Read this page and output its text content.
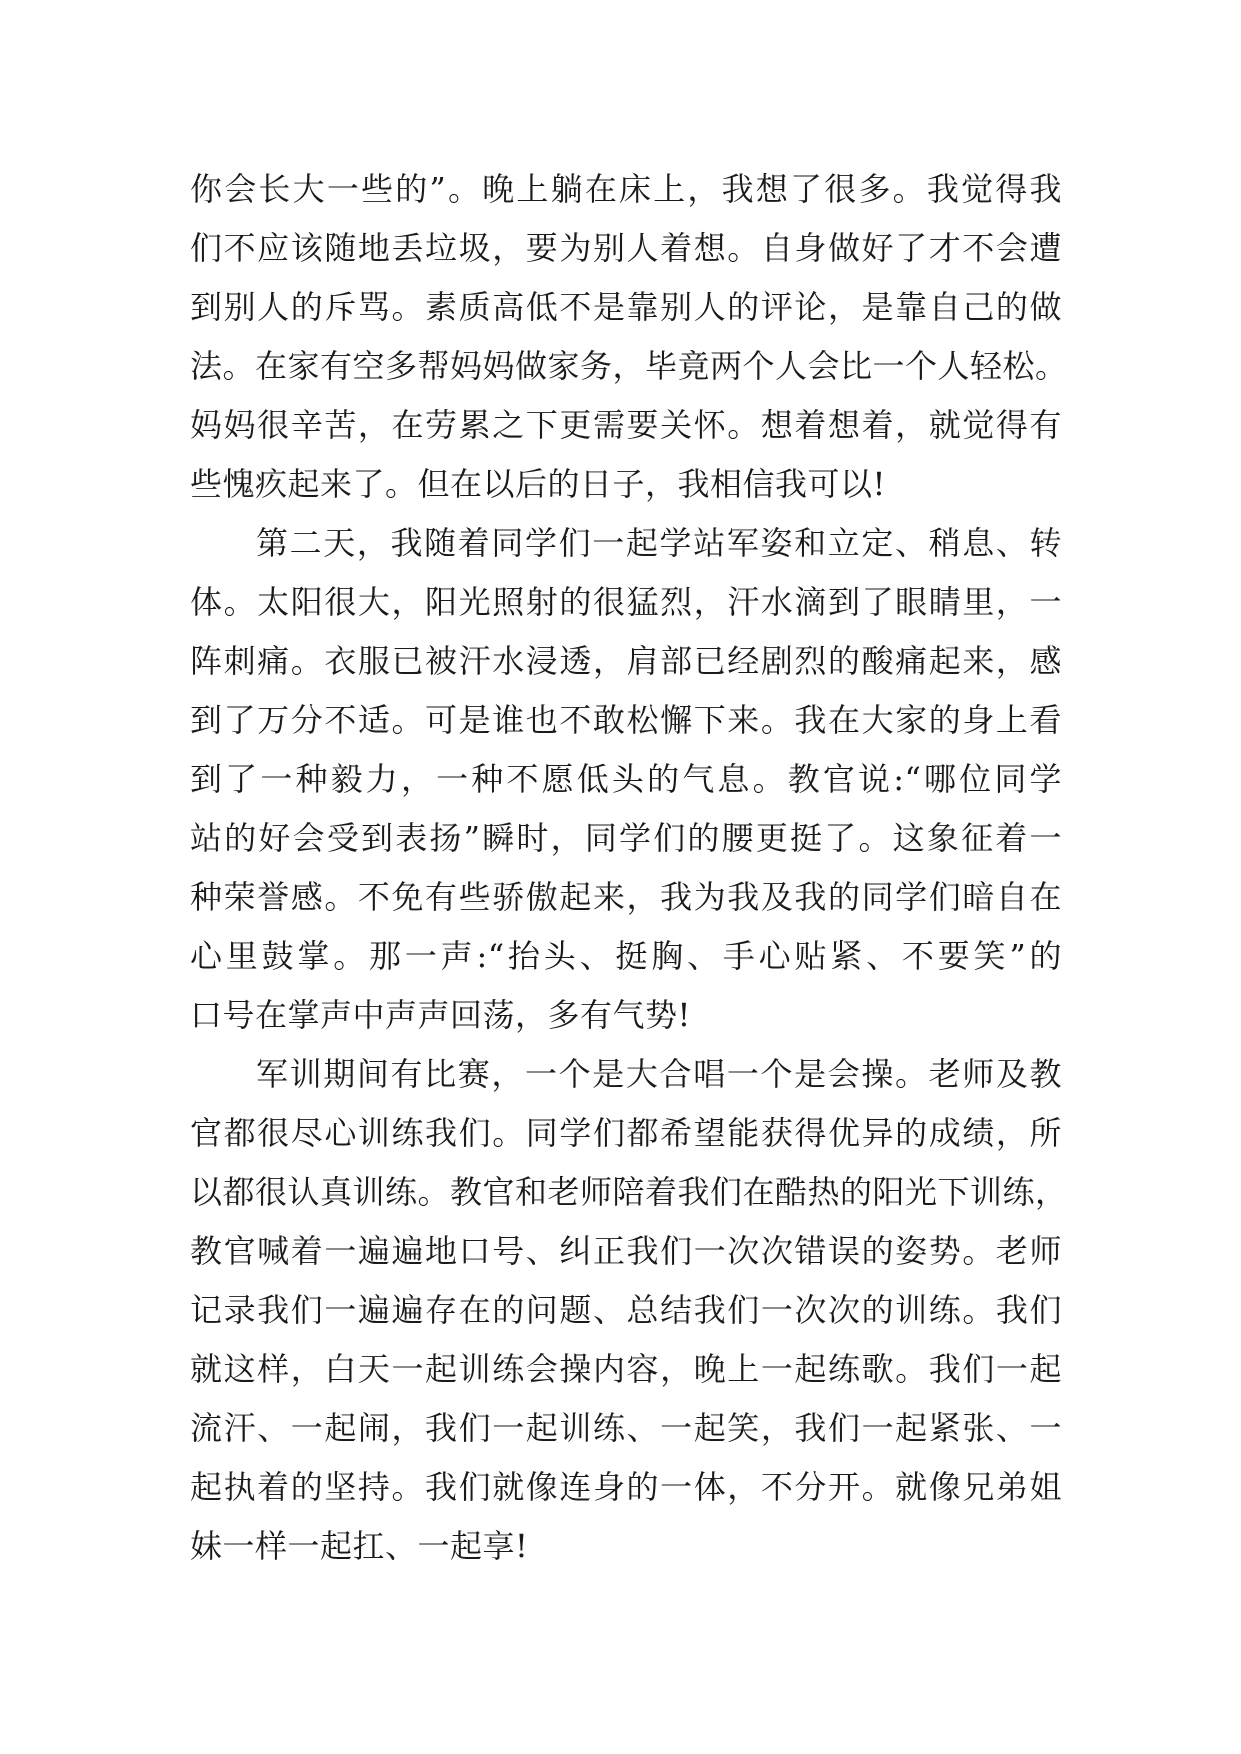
你会长大一些的”。晚上躺在床上，我想了很多。我觉得我
们不应该随地丢垃圾，要为别人着想。自身做好了才不会遭
到别人的斥骂。素质高低不是靠别人的评论，是靠自己的做
法。在家有空多帮妈妈做家务，毕竟两个人会比一个人轻松。
妈妈很辛苦，在劳累之下更需要关怀。想着想着，就觉得有
些愧疚起来了。但在以后的日子，我相信我可以!
第二天，我随着同学们一起学站军姿和立定、稍息、转
体。太阳很大，阳光照射的很猛烈，汗水滴到了眼睛里，一
阵刺痛。衣服已被汗水浸透，肩部已经剧烈的酸痛起来，感
到了万分不适。可是谁也不敢松懈下来。我在大家的身上看
到了一种毅力，一种不愿低头的气息。教官说:“哪位同学
站的好会受到表扬”瞬时，同学们的腰更挺了。这象征着一
种荣誉感。不免有些骄傲起来，我为我及我的同学们暗自在
心里鼓掌。那一声:“抬头、挺胸、手心贴紧、不要笑”的
口号在掌声中声声回荡，多有气势!
军训期间有比赛，一个是大合唱一个是会操。老师及教
官都很尽心训练我们。同学们都希望能获得优异的成绩，所
以都很认真训练。教官和老师陪着我们在酷热的阳光下训练，
教官喊着一遍遍地口号、纠正我们一次次错误的姿势。老师
记录我们一遍遍存在的问题、总结我们一次次的训练。我们
就这样，白天一起训练会操内容，晚上一起练歌。我们一起
流汗、一起闹，我们一起训练、一起笑，我们一起紧张、一
起执着的坚持。我们就像连身的一体，不分开。就像兄弟姐
妹一样一起扛、一起享!
